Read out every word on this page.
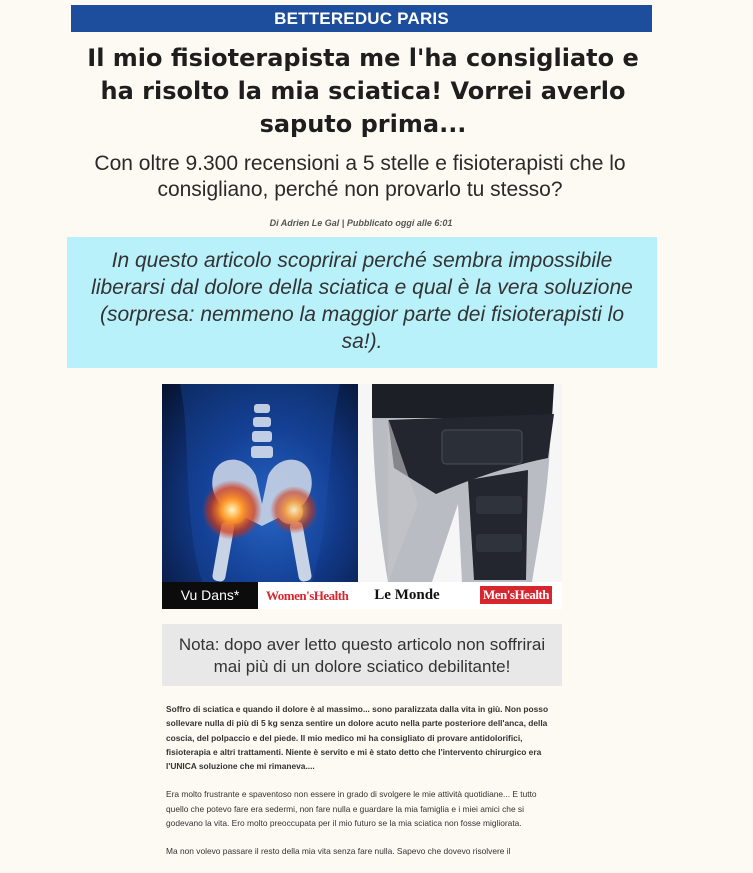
BETTEREDUC PARIS
Il mio fisioterapista me l'ha consigliato e ha risolto la mia sciatica! Vorrei averlo saputo prima...

Con oltre 9.300 recensioni a 5 stelle e fisioterapisti che lo consigliano, perché non provarlo tu stesso?

Di Adrien Le Gal | Pubblicato oggi alle 6:01

In questo articolo scoprirai perché sembra impossibile liberarsi dal dolore della sciatica e qual è la vera soluzione (sorpresa: nemmeno la maggior parte dei fisioterapisti lo sa!).

Vu Dans*	Women'sHealth	Le Monde	Men'sHealth

Nota: dopo aver letto questo articolo non soffrirai mai più di un dolore sciatico debilitante!

Soffro di sciatica e quando il dolore è al massimo... sono paralizzata dalla vita in giù. Non posso sollevare nulla di più di 5 kg senza sentire un dolore acuto nella parte posteriore dell'anca, della coscia, del polpaccio e del piede. Il mio medico mi ha consigliato di provare antidolorifici, fisioterapia e altri trattamenti. Niente è servito e mi è stato detto che l'intervento chirurgico era l'UNICA soluzione che mi rimaneva....

Era molto frustrante e spaventoso non essere in grado di svolgere le mie attività quotidiane... E tutto quello che potevo fare era sedermi, non fare nulla e guardare la mia famiglia e i miei amici che si godevano la vita. Ero molto preoccupata per il mio futuro se la mia sciatica non fosse migliorata.

Ma non volevo passare il resto della mia vita senza fare nulla. Sapevo che dovevo risolvere il
